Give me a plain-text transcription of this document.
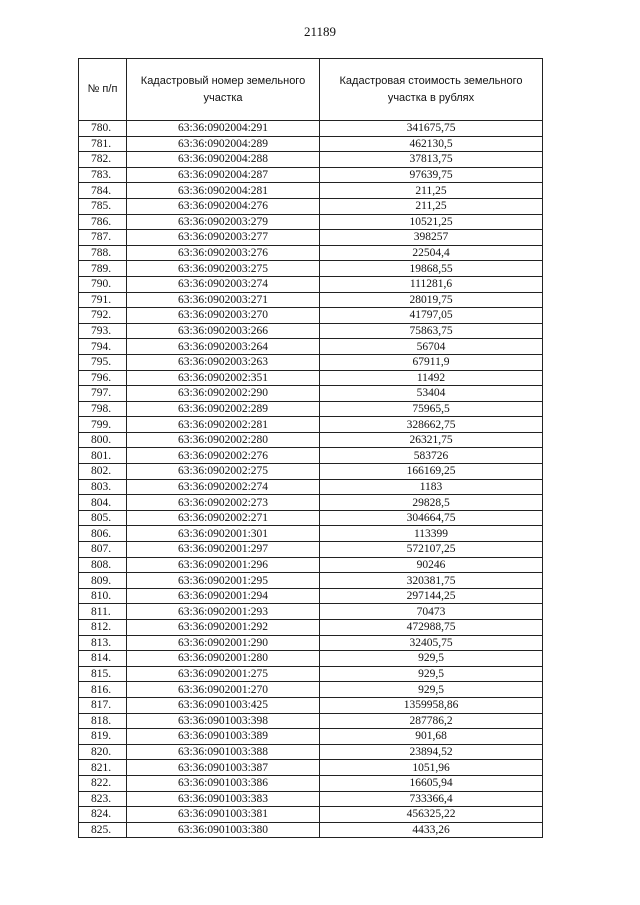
21189
№ п/п	Кадастровый номер земельного участка	Кадастровая стоимость земельного участка в рублях
780.	63:36:0902004:291	341675,75
781.	63:36:0902004:289	462130,5
782.	63:36:0902004:288	37813,75
783.	63:36:0902004:287	97639,75
784.	63:36:0902004:281	211,25
785.	63:36:0902004:276	211,25
786.	63:36:0902003:279	10521,25
787.	63:36:0902003:277	398257
788.	63:36:0902003:276	22504,4
789.	63:36:0902003:275	19868,55
790.	63:36:0902003:274	111281,6
791.	63:36:0902003:271	28019,75
792.	63:36:0902003:270	41797,05
793.	63:36:0902003:266	75863,75
794.	63:36:0902003:264	56704
795.	63:36:0902003:263	67911,9
796.	63:36:0902002:351	11492
797.	63:36:0902002:290	53404
798.	63:36:0902002:289	75965,5
799.	63:36:0902002:281	328662,75
800.	63:36:0902002:280	26321,75
801.	63:36:0902002:276	583726
802.	63:36:0902002:275	166169,25
803.	63:36:0902002:274	1183
804.	63:36:0902002:273	29828,5
805.	63:36:0902002:271	304664,75
806.	63:36:0902001:301	113399
807.	63:36:0902001:297	572107,25
808.	63:36:0902001:296	90246
809.	63:36:0902001:295	320381,75
810.	63:36:0902001:294	297144,25
811.	63:36:0902001:293	70473
812.	63:36:0902001:292	472988,75
813.	63:36:0902001:290	32405,75
814.	63:36:0902001:280	929,5
815.	63:36:0902001:275	929,5
816.	63:36:0902001:270	929,5
817.	63:36:0901003:425	1359958,86
818.	63:36:0901003:398	287786,2
819.	63:36:0901003:389	901,68
820.	63:36:0901003:388	23894,52
821.	63:36:0901003:387	1051,96
822.	63:36:0901003:386	16605,94
823.	63:36:0901003:383	733366,4
824.	63:36:0901003:381	456325,22
825.	63:36:0901003:380	4433,26
